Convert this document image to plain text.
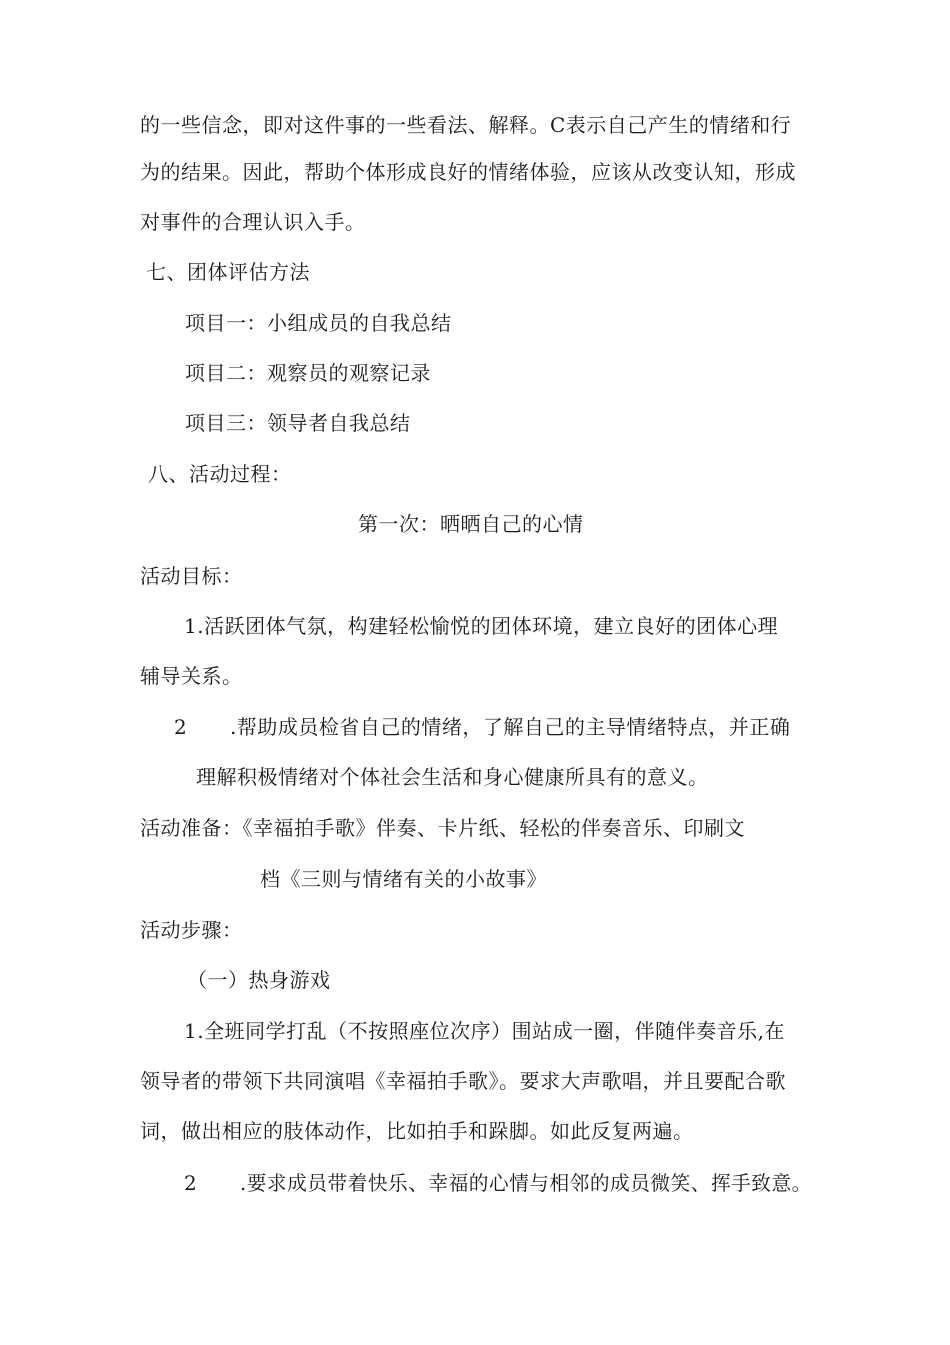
的一些信念，即对这件事的一些看法、解释。C表示自己产生的情绪和行
为的结果。因此，帮助个体形成良好的情绪体验，应该从改变认知，形成
对事件的合理认识入手。
七、团体评估方法
项目一：小组成员的自我总结
项目二：观察员的观察记录
项目三：领导者自我总结
八、活动过程：
第一次：晒晒自己的心情
活动目标：
1.活跃团体气氛，构建轻松愉悦的团体环境，建立良好的团体心理
辅导关系。
2 .帮助成员检省自己的情绪，了解自己的主导情绪特点，并正确
理解积极情绪对个体社会生活和身心健康所具有的意义。
活动准备：《幸福拍手歌》伴奏、卡片纸、轻松的伴奏音乐、印刷文
档《三则与情绪有关的小故事》
活动步骤：
（一）热身游戏
1.全班同学打乱（不按照座位次序）围站成一圈，伴随伴奏音乐,在
领导者的带领下共同演唱《幸福拍手歌》。要求大声歌唱，并且要配合歌
词，做出相应的肢体动作，比如拍手和跺脚。如此反复两遍。
2 .要求成员带着快乐、幸福的心情与相邻的成员微笑、挥手致意。
